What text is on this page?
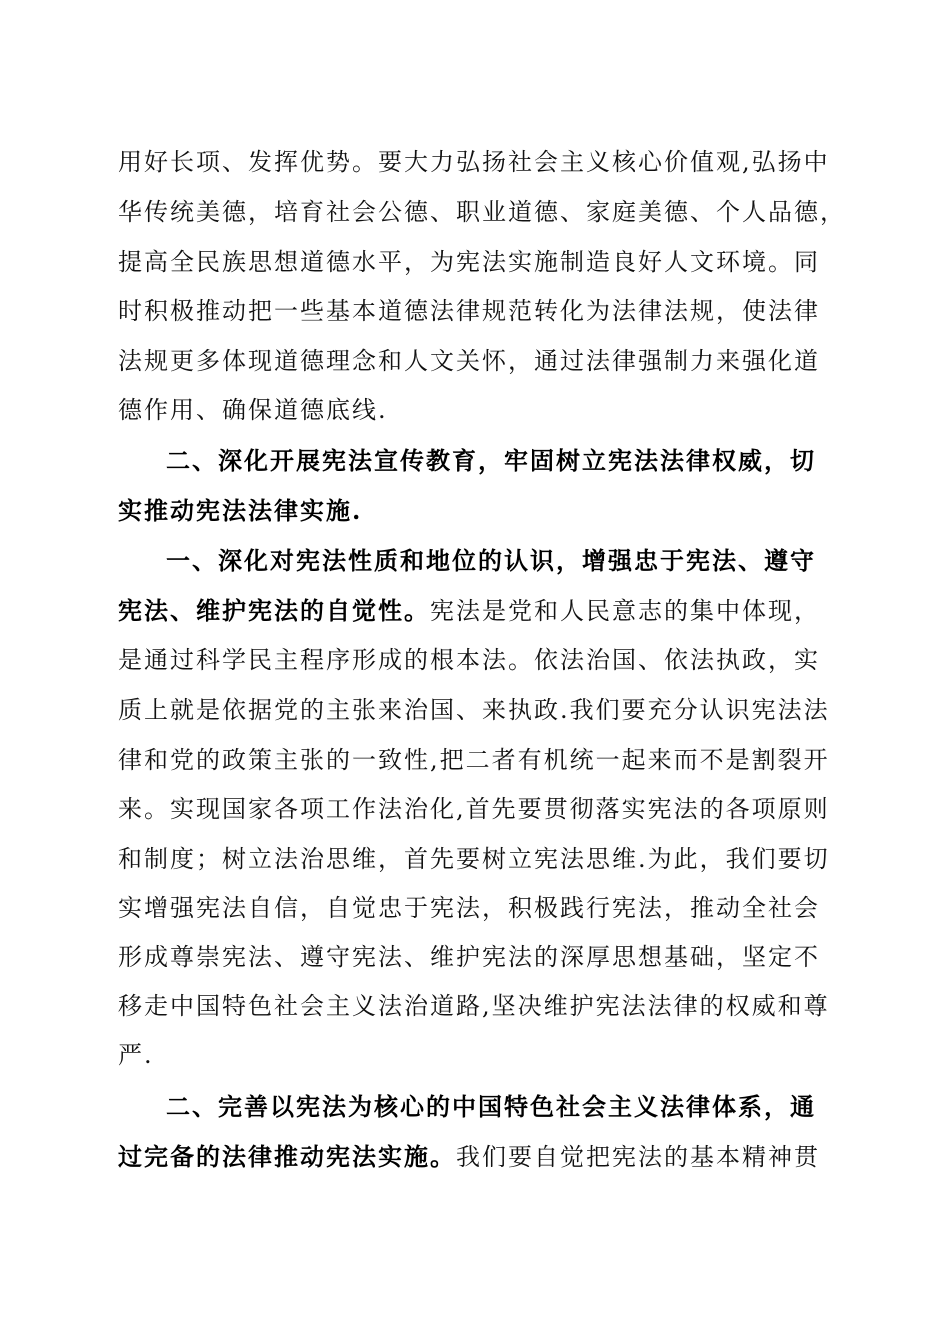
用好长项、发挥优势。要大力弘扬社会主义核心价值观,弘扬中
华传统美德，培育社会公德、职业道德、家庭美德、个人品德，
提高全民族思想道德水平，为宪法实施制造良好人文环境。同
时积极推动把一些基本道德法律规范转化为法律法规，使法律
法规更多体现道德理念和人文关怀，通过法律强制力来强化道
德作用、确保道德底线.
二、深化开展宪法宣传教育，牢固树立宪法法律权威，切
实推动宪法法律实施.
一、深化对宪法性质和地位的认识，增强忠于宪法、遵守
宪法、维护宪法的自觉性。宪法是党和人民意志的集中体现，
是通过科学民主程序形成的根本法。依法治国、依法执政，实
质上就是依据党的主张来治国、来执政.我们要充分认识宪法法
律和党的政策主张的一致性,把二者有机统一起来而不是割裂开
来。实现国家各项工作法治化,首先要贯彻落实宪法的各项原则
和制度；树立法治思维，首先要树立宪法思维.为此，我们要切
实增强宪法自信，自觉忠于宪法，积极践行宪法，推动全社会
形成尊崇宪法、遵守宪法、维护宪法的深厚思想基础，坚定不
移走中国特色社会主义法治道路,坚决维护宪法法律的权威和尊
严.
二、完善以宪法为核心的中国特色社会主义法律体系，通
过完备的法律推动宪法实施。我们要自觉把宪法的基本精神贯
